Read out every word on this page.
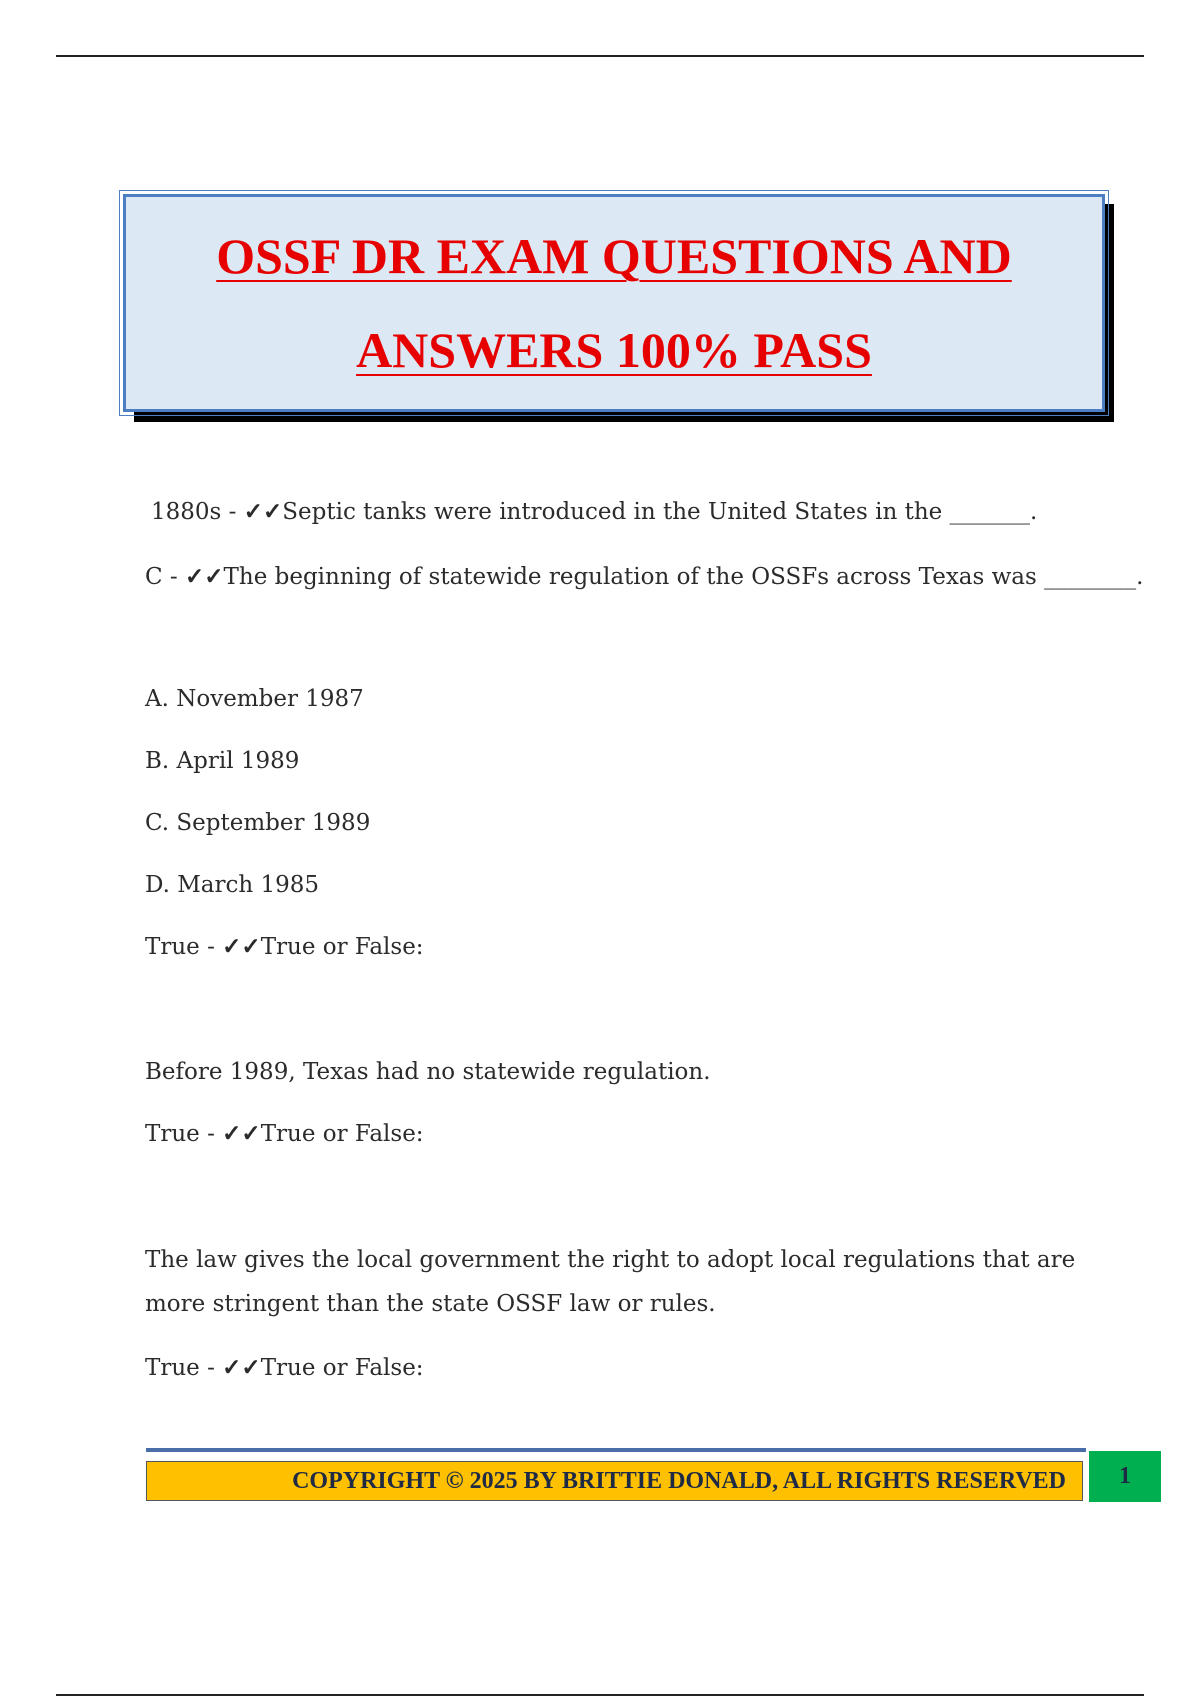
OSSF DR EXAM QUESTIONS AND
ANSWERS 100% PASS
1880s - ✓✓Septic tanks were introduced in the United States in the _______.
C - ✓✓The beginning of statewide regulation of the OSSFs across Texas was ________.
A. November 1987
B. April 1989
C. September 1989
D. March 1985
True - ✓✓True or False:
Before 1989, Texas had no statewide regulation.
True - ✓✓True or False:
The law gives the local government the right to adopt local regulations that are more stringent than the state OSSF law or rules.
True - ✓✓True or False:
COPYRIGHT © 2025 BY BRITTIE DONALD, ALL RIGHTS RESERVED 1
